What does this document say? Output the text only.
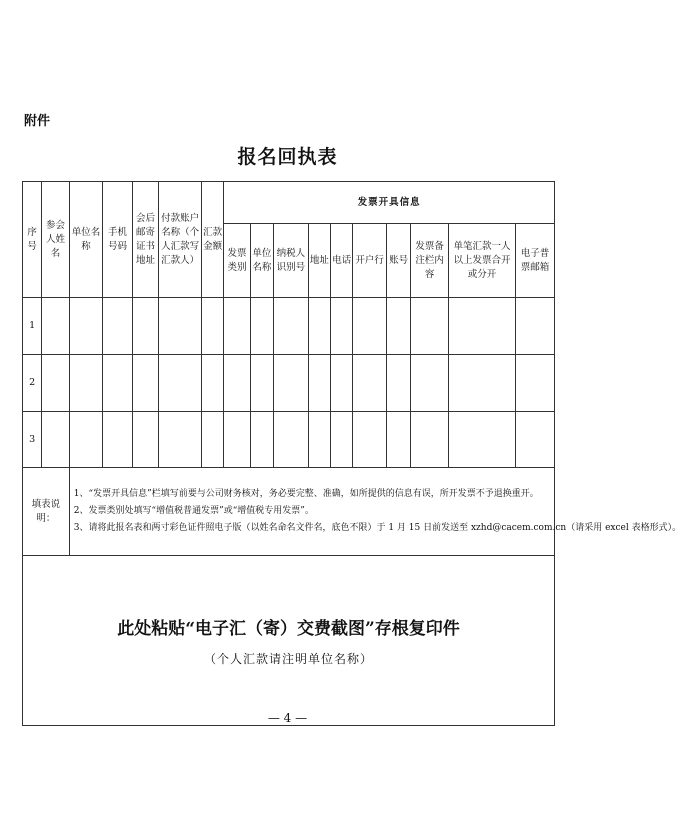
附件
报名回执表
序号	参会人姓名	单位名称	手机号码	会后邮寄证书地址	付款账户名称（个人汇款写汇款人）	汇款金额	发票开具信息									
							发票类别	单位名称	纳税人识别号	地址	电话	开户行	账号	发票备注栏内容	单笔汇款一人以上发票合开或分开	电子普票邮箱
1																
2																
3																
填表说明：		1、“发票开具信息”栏填写前要与公司财务核对，务必要完整、准确，如所提供的信息有误，所开发票不予退换重开。
2、发票类别处填写“增值税普通发票”或“增值税专用发票”。
3、请将此报名表和两寸彩色证件照电子版（以姓名命名文件名，底色不限）于 1 月 15 日前发送至 xzhd@cacem.com.cn（请采用 excel 表格形式）。														

此处粘贴“电子汇（寄）交费截图”存根复印件
（个人汇款请注明单位名称）																
— 4 —
